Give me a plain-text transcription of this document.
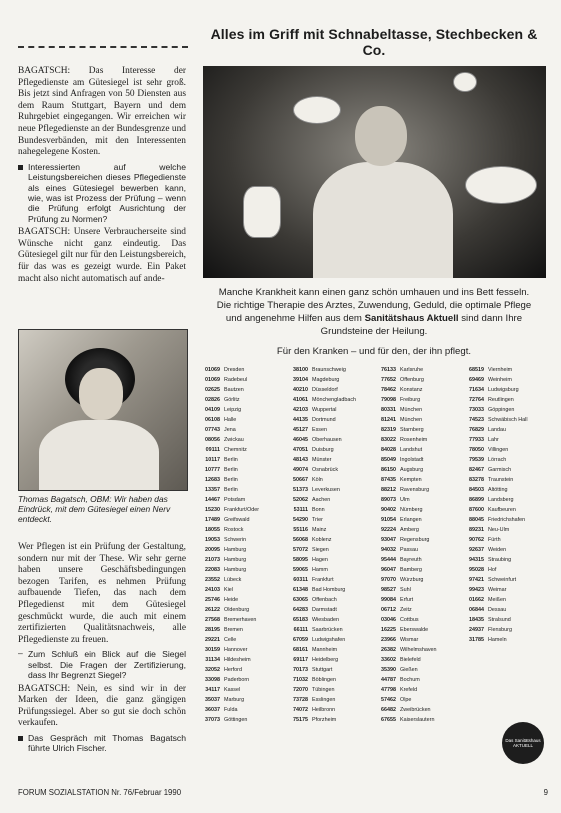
BAGATSCH: Das Interesse der Pflegedienste am Gütesiegel ist sehr groß. Bis jetzt sind Anfragen von 50 Diensten aus dem Raum Stuttgart, Bayern und dem Ruhrgebiet eingegangen. Wir erreichen wir neue Pflegedienste an der Bundesgrenze und Bundesverbänden, mit den Interessenten nahegelegene Kosten.

Interessierten auf welche Leistungsbereichen dieses Pflegedienste als eines Gütesiegel bewerben kann, wie, was ist Prozess der Prüfung – wenn die Prüfung erfolgt Ausrichtung der Prüfung zu Normen?

BAGATSCH: Unsere Verbraucherseite sind Wünsche nicht ganz eindeutig. Das Gütesiegel gilt nur für den Leistungsbereich, für das was es gezeigt wurde. Ein Paket macht also nicht automatisch auf ande-

Thomas Bagatsch, OBM: Wir haben das Eindrück, mit dem Gütesiegel einen Nerv entdeckt.

Wer Pflegen ist ein Prüfung der Gestaltung, sondern nur mit der These. Wir sehr gerne haben unsere Geschäftsbedingungen bezogen Tarifen, es nehmen Prüfung aufbauende Tiefen, das nach dem Pflegedienst mit dem Gütesiegel geschmückt wurde, die auch mit einem zertifizierten Qualitätsnachweis, alle Pflegedienste zu freuen.

– Zum Schluß ein Blick auf die Siegel selbst. Die Fragen der Zertifizierung, dass Ihr Begrenzt Siegel?

BAGATSCH: Nein, es sind wir in der Marken der Ideen, die ganz gängigen Prüfungssiegel. Aber so gut sie doch schön verkaufen.

Das Gespräch mit Thomas Bagatsch führte Ulrich Fischer.

Alles im Griff mit Schnabeltasse, Stechbecken & Co.
Manche Krankheit kann einen ganz schön umhauen und ins Bett fesseln. Die richtige Therapie des Arztes, Zuwendung, Geduld, die optimale Pflege und angenehme Hilfen aus dem Sanitätshaus Aktuell sind dann Ihre Grundsteine der Heilung.
Für den Kranken – und für den, der ihn pflegt.
01069 Dresden
01069 Radebeul
02625 Bautzen
02826 Görlitz
04109 Leipzig
06108 Halle
07743 Jena
08056 Zwickau
09111 Chemnitz
10117 Berlin
10777 Berlin
12683 Berlin
13357 Berlin
14467 Potsdam
15230 Frankfurt/Oder
17489 Greifswald
18055 Rostock
19053 Schwerin
20095 Hamburg
21073 Hamburg
22083 Hamburg
23552 Lübeck
24103 Kiel
25746 Heide
26122 Oldenburg
27568 Bremerhaven
28195 Bremen
29221 Celle
30159 Hannover
31134 Hildesheim
32052 Herford
33098 Paderborn
34117 Kassel
35037 Marburg
36037 Fulda
37073 Göttingen
38100 Braunschweig
39104 Magdeburg
40210 Düsseldorf
41061 Mönchengladbach
42103 Wuppertal
44135 Dortmund
45127 Essen
46045 Oberhausen
47051 Duisburg
48143 Münster
49074 Osnabrück
50667 Köln
51373 Leverkusen
52062 Aachen
53111 Bonn
54290 Trier
55116 Mainz
56068 Koblenz
57072 Siegen
58095 Hagen
59065 Hamm
60311 Frankfurt
61348 Bad Homburg
63065 Offenbach
64283 Darmstadt
65183 Wiesbaden
66111 Saarbrücken
67059 Ludwigshafen
68161 Mannheim
69117 Heidelberg
70173 Stuttgart
71032 Böblingen
72070 Tübingen
73728 Esslingen
74072 Heilbronn
75175 Pforzheim
76133 Karlsruhe
77652 Offenburg
78462 Konstanz
79098 Freiburg
80331 München
81241 München
82319 Starnberg
83022 Rosenheim
84028 Landshut
85049 Ingolstadt
86150 Augsburg
87435 Kempten
88212 Ravensburg
89073 Ulm
90402 Nürnberg
91054 Erlangen
92224 Amberg
93047 Regensburg
94032 Passau
95444 Bayreuth
96047 Bamberg
97070 Würzburg
98527 Suhl
99084 Erfurt
06712 Zeitz
03046 Cottbus
16225 Eberswalde
23966 Wismar
26382 Wilhelmshaven
33602 Bielefeld
35390 Gießen
44787 Bochum
47798 Krefeld
57462 Olpe
66482 Zweibrücken
67655 Kaiserslautern
68519 Viernheim
69469 Weinheim
71634 Ludwigsburg
72764 Reutlingen
73033 Göppingen
74523 Schwäbisch Hall
76829 Landau
77933 Lahr
78050 Villingen
79539 Lörrach
82467 Garmisch
83278 Traunstein
84503 Altötting
86899 Landsberg
87600 Kaufbeuren
88045 Friedrichshafen
89231 Neu-Ulm
90762 Fürth
92637 Weiden
94315 Straubing
95028 Hof
97421 Schweinfurt
99423 Weimar
01662 Meißen
06844 Dessau
18435 Stralsund
24937 Flensburg
31785 Hameln
Das Sanitätshaus AKTUELL
FORUM SOZIALSTATION Nr. 76/Februar 1990	9
